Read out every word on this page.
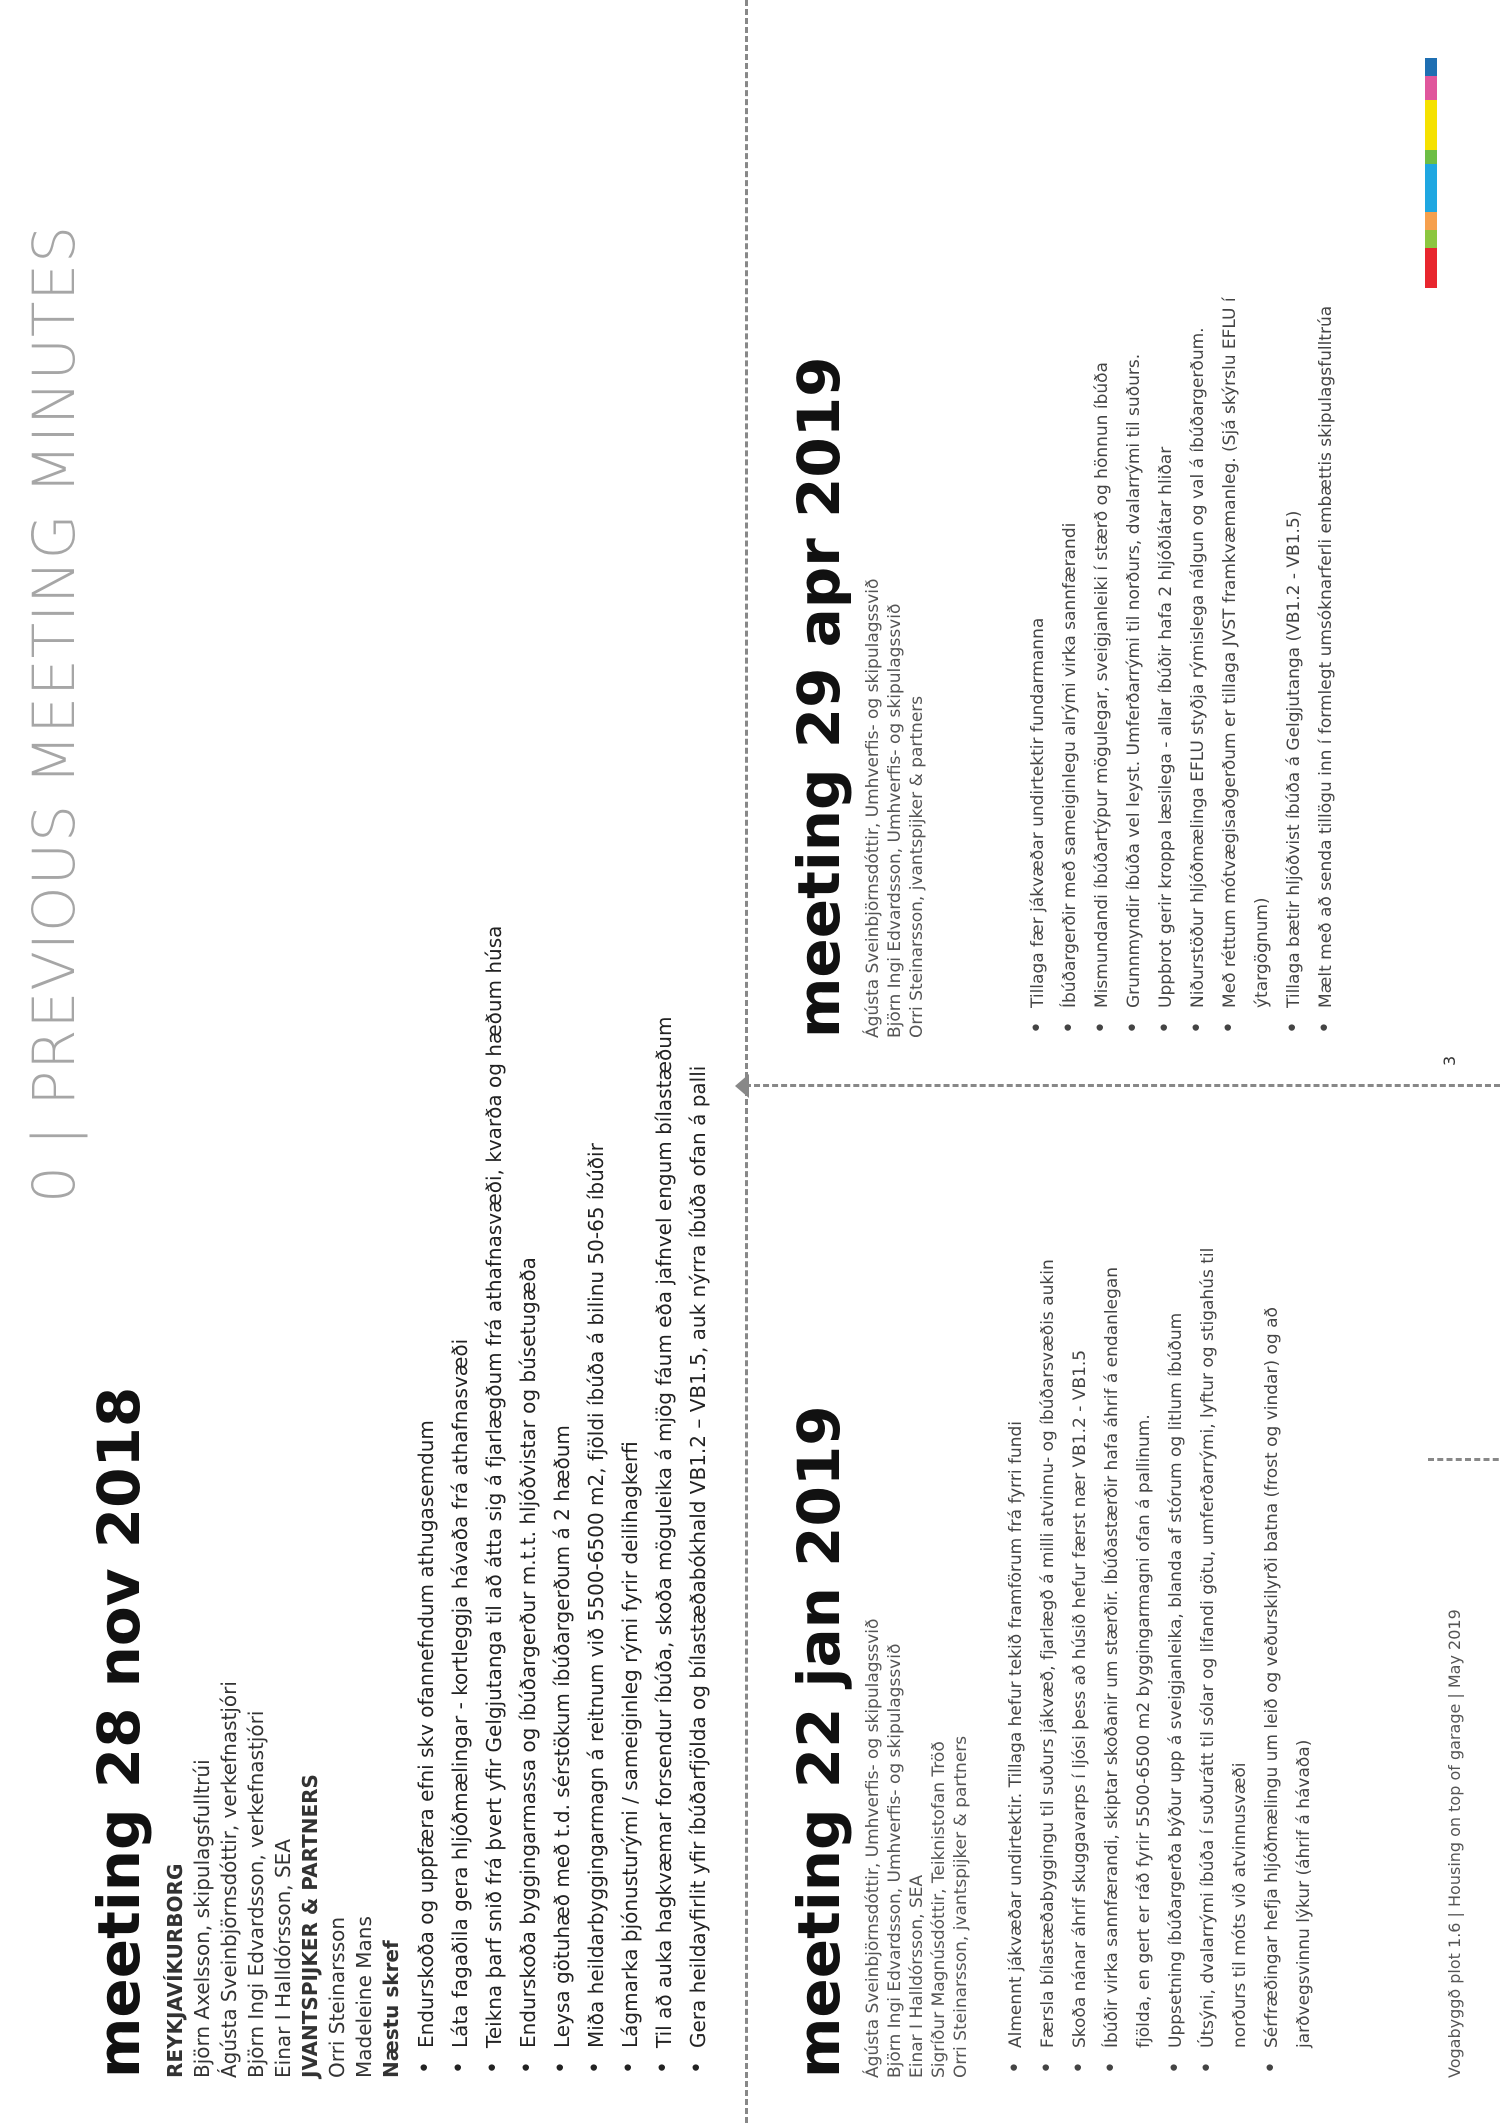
0 | PREVIOUS MEETING MINUTES
meeting 28 nov 2018 REYKJAVÍKURBORG Björn Axelsson, skipulagsfulltrúi Ágústa Sveinbjörnsdóttir, verkefnastjóri Björn Ingi Edvardsson, verkefnastjóri Einar I Halldórsson, SEA JVANTSPIJKER & PARTNERS Orri Steinarsson Madeleine Mans Næstu skref • Endurskoða og uppfæra efni skv ofannefndum athugasemdum • Láta fagaðila gera hljóðmælingar - kortleggja hávaða frá athafnasvæði • Teikna þarf snið frá þvert yfir Gelgjutanga til að átta sig á fjarlægðum frá athafnasvæði, kvarða og hæðum húsa • Endurskoða byggingarmassa og íbúðargerður m.t.t. hljóðvistar og búsetugæða • Leysa götuhæð með t.d. sérstökum íbúðargerðum á 2 hæðum • Miða heildarbyggingarmagn á reitnum við 5500-6500 m2, fjöldi íbúða á bilinu 50-65 íbúðir • Lágmarka þjónusturými / sameiginleg rými fyrir deilihagkerfi • Til að auka hagkvæmar forsendur íbúða, skoða möguleika á mjög fáum eða jafnvel engum bílastæðum • Gera heildayfirlit yfir íbúðarfjölda og bílastæðabókhald VB1.2 – VB1.5, auk nýrra íbúða ofan á palli meeting 22 jan 2019 Ágústa Sveinbjörnsdóttir, Umhverfis- og skipulagssvið Björn Ingi Edvardsson, Umhverfis- og skipulagssvið Einar I Halldórsson, SEA Sigríður Magnúsdóttir, Teiknistofan Tröð Orri Steinarsson, jvantspijker & partners	• Almennt jákvæðar undirtektir. Tillaga hefur tekið framförum frá fyrri fundi • Færsla bílastæðabyggingu til suðurs jákvæð, fjarlægð á milli atvinnu- og íbúðarsvæðis aukin • Skoða nánar áhrif skuggavarps í ljósi þess að húsið hefur færst nær VB1.2 - VB1.5 • Íbúðir virka sannfærandi, skiptar skoðanir um stærðir. Íbúðastærðir hafa áhrif á endanlegan fjölda, en gert er ráð fyrir 5500-6500 m2 byggingarmagni ofan á pallinum. • Uppsetning íbúðargerða býður upp á sveigjanleika, blanda af stórum og litlum íbúðum • Útsýni, dvalarrými íbúða í suðurátt til sólar og lifandi götu, umferðarrými, lyftur og stigahús til norðurs til móts við atvinnusvæði • Sérfræðingar hefja hljóðmælingu um leið og veðurskilyrði batna (frost og vindar) og að jarðvegsvinnu lýkur (áhrif á hávaða)
meeting 29 apr 2019 Ágústa Sveinbjörnsdóttir, Umhverfis- og skipulagssvið Björn Ingi Edvardsson, Umhverfis- og skipulagssvið Orri Steinarsson, jvantspijker & partners	• Tillaga fær jákvæðar undirtektir fundarmanna • Íbúðargerðir með sameiginlegu alrými virka sannfærandi • Mismundandi íbúðartýpur mögulegar, sveigjanleiki í stærð og hönnun íbúða • Grunnmyndir íbúða vel leyst. Umferðarrými til norðurs, dvalarrými til suðurs. • Uppbrot gerir kroppa læsilega - allar íbúðir hafa 2 hljóðlátar hliðar • Niðurstöður hljóðmælinga EFLU styðja rýmislega nálgun og val á íbúðargerðum. • Með réttum mótvægisaðgerðum er tillaga JVST framkvæmanleg. (Sjá skýrslu EFLU í ýtargögnum) • Tillaga bætir hljóðvist íbúða á Gelgjutanga (VB1.2 - VB1.5) • Mælt með að senda tillögu inn í formlegt umsóknarferli embættis skipulagsfulltrúa
Vogabyggð plot 1.6 | Housing on top of garage | May 2019
3
